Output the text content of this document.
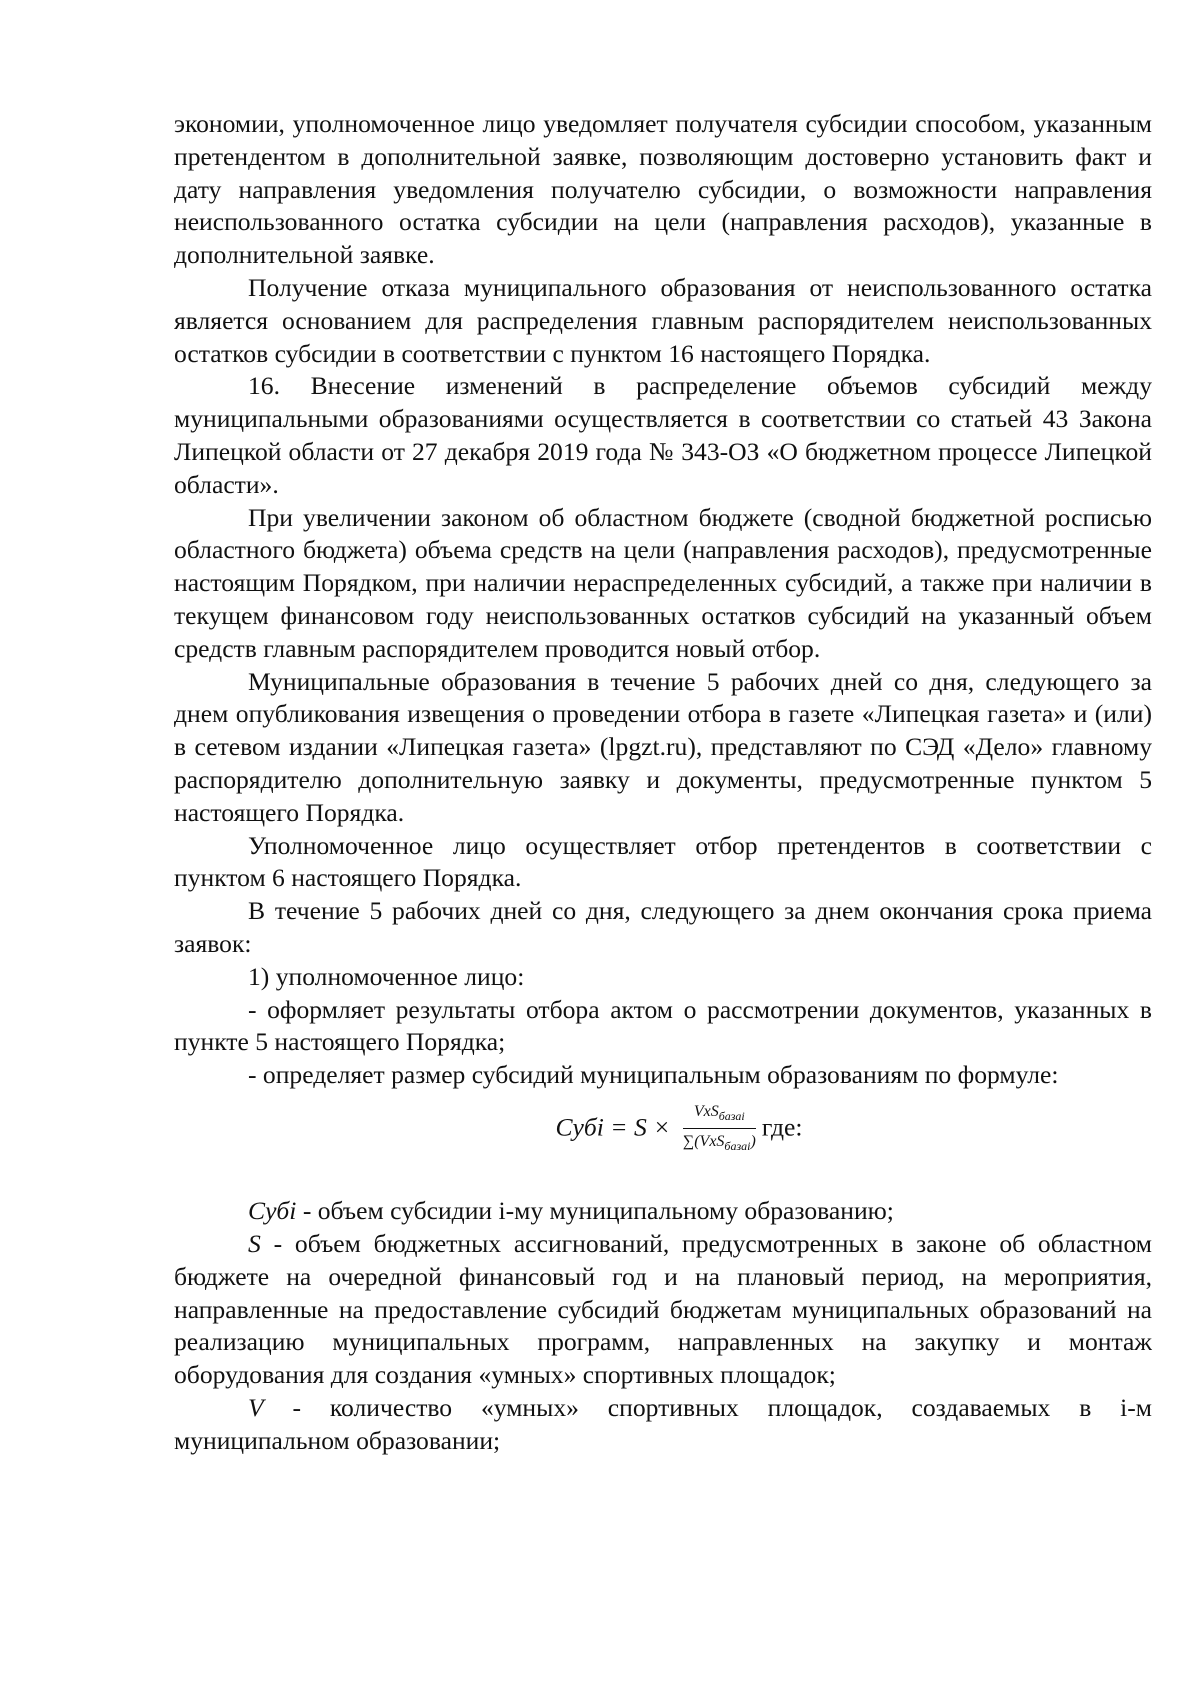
экономии, уполномоченное лицо уведомляет получателя субсидии способом, указанным претендентом в дополнительной заявке, позволяющим достоверно установить факт и дату направления уведомления получателю субсидии, о возможности направления неиспользованного остатка субсидии на цели (направления расходов), указанные в дополнительной заявке.

Получение отказа муниципального образования от неиспользованного остатка является основанием для распределения главным распорядителем неиспользованных остатков субсидии в соответствии с пунктом 16 настоящего Порядка.

16. Внесение изменений в распределение объемов субсидий между муниципальными образованиями осуществляется в соответствии со статьей 43 Закона Липецкой области от 27 декабря 2019 года № 343-ОЗ «О бюджетном процессе Липецкой области».

При увеличении законом об областном бюджете (сводной бюджетной росписью областного бюджета) объема средств на цели (направления расходов), предусмотренные настоящим Порядком, при наличии нераспределенных субсидий, а также при наличии в текущем финансовом году неиспользованных остатков субсидий на указанный объем средств главным распорядителем проводится новый отбор.

Муниципальные образования в течение 5 рабочих дней со дня, следующего за днем опубликования извещения о проведении отбора в газете «Липецкая газета» и (или) в сетевом издании «Липецкая газета» (lpgzt.ru), представляют по СЭД «Дело» главному распорядителю дополнительную заявку и документы, предусмотренные пунктом 5 настоящего Порядка.

Уполномоченное лицо осуществляет отбор претендентов в соответствии с пунктом 6 настоящего Порядка.

В течение 5 рабочих дней со дня, следующего за днем окончания срока приема заявок:

1) уполномоченное лицо:

- оформляет результаты отбора актом о рассмотрении документов, указанных в пункте 5 настоящего Порядка;

- определяет размер субсидий муниципальным образованиям по формуле:

Субi = $S \times \frac{VxS_{базаi}}{\sum(VxS_{базаi})}$ где:

Субi - объем субсидии i-му муниципальному образованию;

S - объем бюджетных ассигнований, предусмотренных в законе об областном бюджете на очередной финансовый год и на плановый период, на мероприятия, направленные на предоставление субсидий бюджетам муниципальных образований на реализацию муниципальных программ, направленных на закупку и монтаж оборудования для создания «умных» спортивных площадок;

V - количество «умных» спортивных площадок, создаваемых в i-м муниципальном образовании;
